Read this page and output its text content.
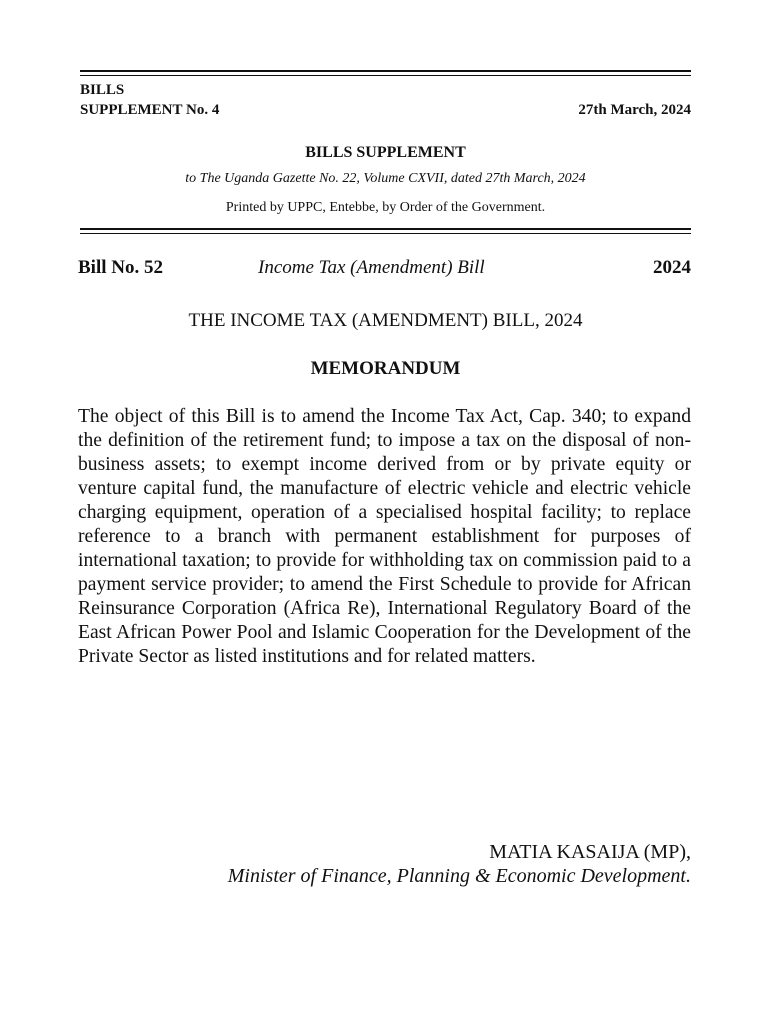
BILLS

SUPPLEMENT No. 4	27th March, 2024

BILLS SUPPLEMENT

to The Uganda Gazette No. 22, Volume CXVII, dated 27th March, 2024

Printed by UPPC, Entebbe, by Order of the Government.

Bill No. 52	Income Tax (Amendment) Bill	2024

THE INCOME TAX (AMENDMENT) BILL, 2024

MEMORANDUM

The object of this Bill is to amend the Income Tax Act, Cap. 340; to expand the definition of the retirement fund; to impose a tax on the disposal of non- business assets; to exempt income derived from or by private equity or venture capital fund, the manufacture of electric vehicle and electric vehicle charging equipment, operation of a specialised hospital facility; to replace reference to a branch with permanent establishment for purposes of international taxation; to provide for withholding tax on commission paid to a payment service provider; to amend the First Schedule to provide for African Reinsurance Corporation (Africa Re), International Regulatory Board of the East African Power Pool and Islamic Cooperation for the Development of the Private Sector as listed institutions and for related matters.

MATIA KASAIJA (MP),

Minister of Finance, Planning & Economic Development.
